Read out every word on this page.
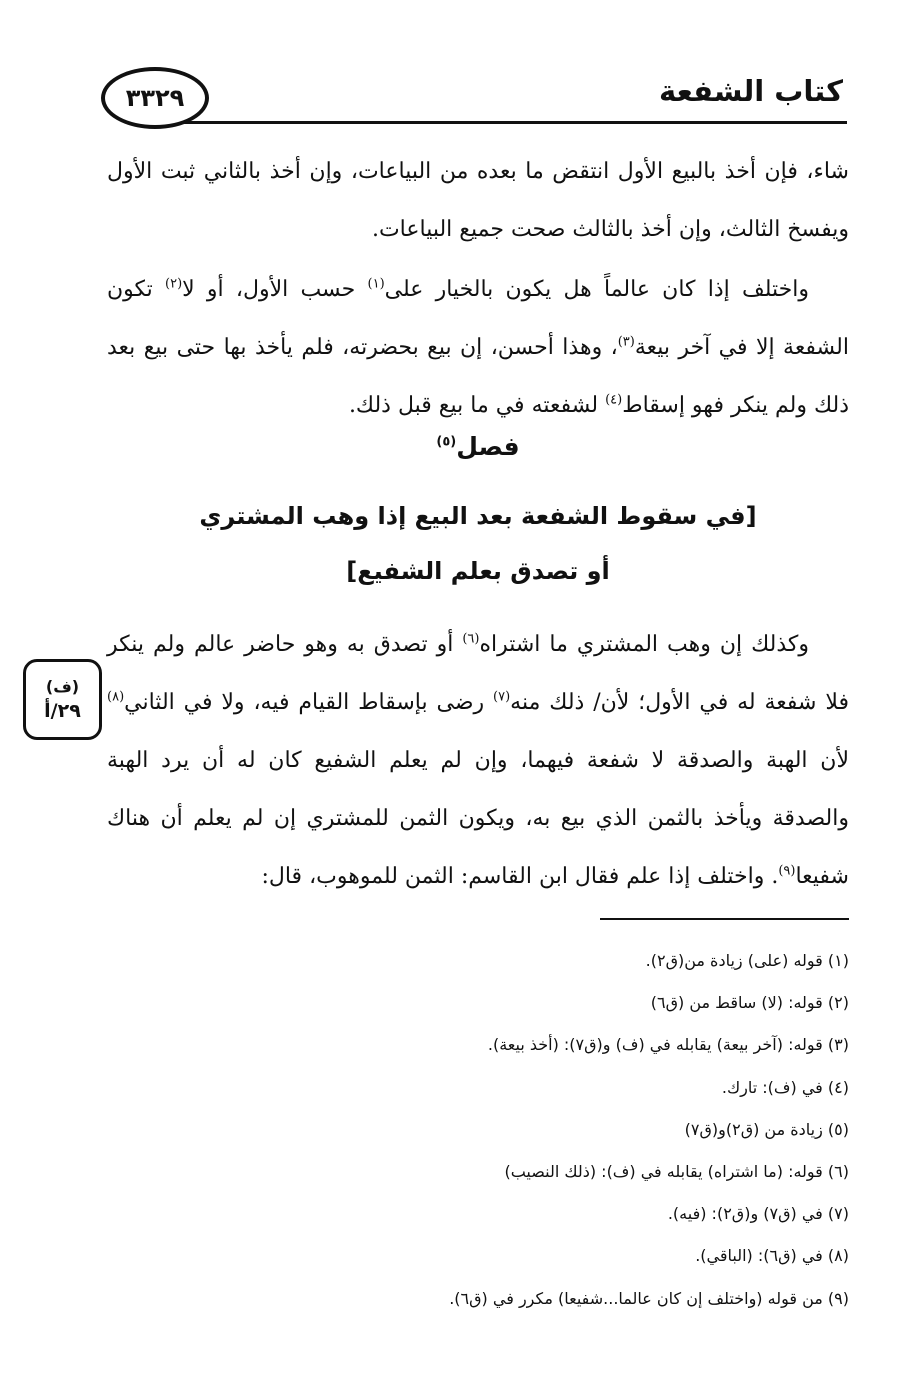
كتاب الشفعة
٣٣٢٩

شاء، فإن أخذ بالبيع الأول انتقض ما بعده من البياعات، وإن أخذ بالثاني ثبت الأول ويفسخ الثالث، وإن أخذ بالثالث صحت جميع البياعات.

واختلف إذا كان عالماً هل يكون بالخيار على$^{(١)}$ حسب الأول، أو لا$^{(٢)}$ تكون الشفعة إلا في آخر بيعة$^{(٣)}$، وهذا أحسن، إن بيع بحضرته، فلم يأخذ بها حتى بيع بعد ذلك ولم ينكر فهو إسقاط$^{(٤)}$ لشفعته في ما بيع قبل ذلك.

فصل$^{(٥)}$
[في سقوط الشفعة بعد البيع إذا وهب المشتري
أو تصدق بعلم الشفيع]

وكذلك إن وهب المشتري ما اشتراه$^{(٦)}$ أو تصدق به وهو حاضر عالم ولم ينكر فلا شفعة له في الأول؛ لأن/ ذلك منه$^{(٧)}$ رضى بإسقاط القيام فيه، ولا في الثاني$^{(٨)}$ لأن الهبة والصدقة لا شفعة فيهما، وإن لم يعلم الشفيع كان له أن يرد الهبة والصدقة ويأخذ بالثمن الذي بيع به، ويكون الثمن للمشتري إن لم يعلم أن هناك شفيعا$^{(٩)}$. واختلف إذا علم فقال ابن القاسم: الثمن للموهوب، قال:

(ف)
٢٩/أ
(١) قوله (على) زيادة من(ق٢).
(٢) قوله: (لا) ساقط من (ق٦)
(٣) قوله: (آخر بيعة) يقابله في (ف) و(ق٧): (أخذ بيعة).
(٤) في (ف): تارك.
(٥) زيادة من (ق٢)و(ق٧)
(٦) قوله: (ما اشتراه) يقابله في (ف): (ذلك النصيب)
(٧) في (ق٧) و(ق٢): (فيه).
(٨) في (ق٦): (الباقي).
(٩) من قوله (واختلف إن كان عالما...شفيعا) مكرر في (ق٦).
